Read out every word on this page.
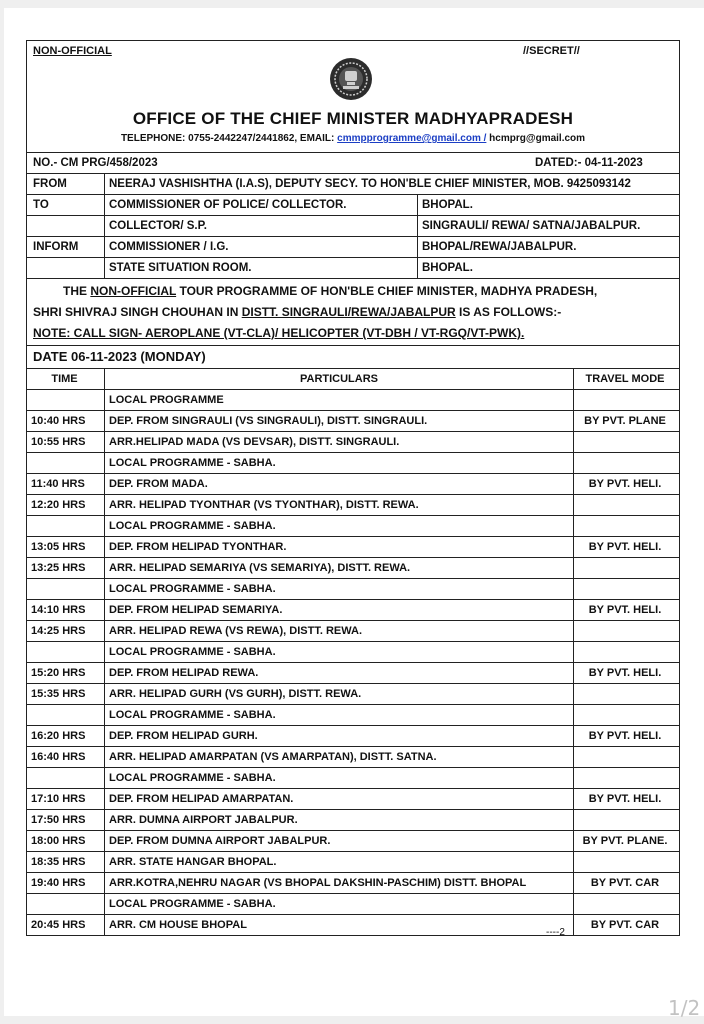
NON-OFFICIAL	//SECRET//
OFFICE OF THE CHIEF MINISTER MADHYAPRADESH
TELEPHONE: 0755-2442247/2441862, EMAIL: cmmpprogramme@gmail.com / hcmprg@gmail.com
NO.- CM PRG/458/2023	DATED:- 04-11-2023
FROM	NEERAJ VASHISHTHA (I.A.S), DEPUTY SECY. TO HON'BLE CHIEF MINISTER, MOB. 9425093142
TO	COMMISSIONER OF POLICE/ COLLECTOR.	BHOPAL.
COLLECTOR/ S.P.	SINGRAULI/ REWA/ SATNA/JABALPUR.
INFORM	COMMISSIONER / I.G.	BHOPAL/REWA/JABALPUR.
STATE SITUATION ROOM.	BHOPAL.

THE NON-OFFICIAL TOUR PROGRAMME OF HON'BLE CHIEF MINISTER, MADHYA PRADESH,

SHRI SHIVRAJ SINGH CHOUHAN IN DISTT. SINGRAULI/REWA/JABALPUR IS AS FOLLOWS:-

NOTE: CALL SIGN- AEROPLANE (VT-CLA)/ HELICOPTER (VT-DBH / VT-RGQ/VT-PWK).

DATE 06-11-2023 (MONDAY)
TIME	PARTICULARS	TRAVEL MODE
LOCAL PROGRAMME
10:40 HRS	DEP. FROM SINGRAULI (VS SINGRAULI), DISTT. SINGRAULI.	BY PVT. PLANE
10:55 HRS	ARR.HELIPAD MADA (VS DEVSAR), DISTT. SINGRAULI.
LOCAL PROGRAMME - SABHA.
11:40 HRS	DEP. FROM MADA.	BY PVT. HELI.
12:20 HRS	ARR. HELIPAD TYONTHAR (VS TYONTHAR), DISTT. REWA.
LOCAL PROGRAMME - SABHA.
13:05 HRS	DEP. FROM HELIPAD TYONTHAR.	BY PVT. HELI.
13:25 HRS	ARR. HELIPAD SEMARIYA (VS SEMARIYA), DISTT. REWA.
LOCAL PROGRAMME - SABHA.
14:10 HRS	DEP. FROM HELIPAD SEMARIYA.	BY PVT. HELI.
14:25 HRS	ARR. HELIPAD REWA (VS REWA), DISTT. REWA.
LOCAL PROGRAMME - SABHA.
15:20 HRS	DEP. FROM HELIPAD REWA.	BY PVT. HELI.
15:35 HRS	ARR. HELIPAD GURH (VS GURH), DISTT. REWA.
LOCAL PROGRAMME - SABHA.
16:20 HRS	DEP. FROM HELIPAD GURH.	BY PVT. HELI.
16:40 HRS	ARR. HELIPAD AMARPATAN (VS AMARPATAN), DISTT. SATNA.
LOCAL PROGRAMME - SABHA.
17:10 HRS	DEP. FROM HELIPAD AMARPATAN.	BY PVT. HELI.
17:50 HRS	ARR. DUMNA AIRPORT JABALPUR.
18:00 HRS	DEP. FROM DUMNA AIRPORT JABALPUR.	BY PVT. PLANE.
18:35 HRS	ARR. STATE HANGAR BHOPAL.
19:40 HRS	ARR.KOTRA,NEHRU NAGAR (VS BHOPAL DAKSHIN-PASCHIM) DISTT. BHOPAL	BY PVT. CAR
LOCAL PROGRAMME - SABHA.
20:45 HRS	ARR. CM HOUSE BHOPAL	BY PVT. CAR
----2
1/2
